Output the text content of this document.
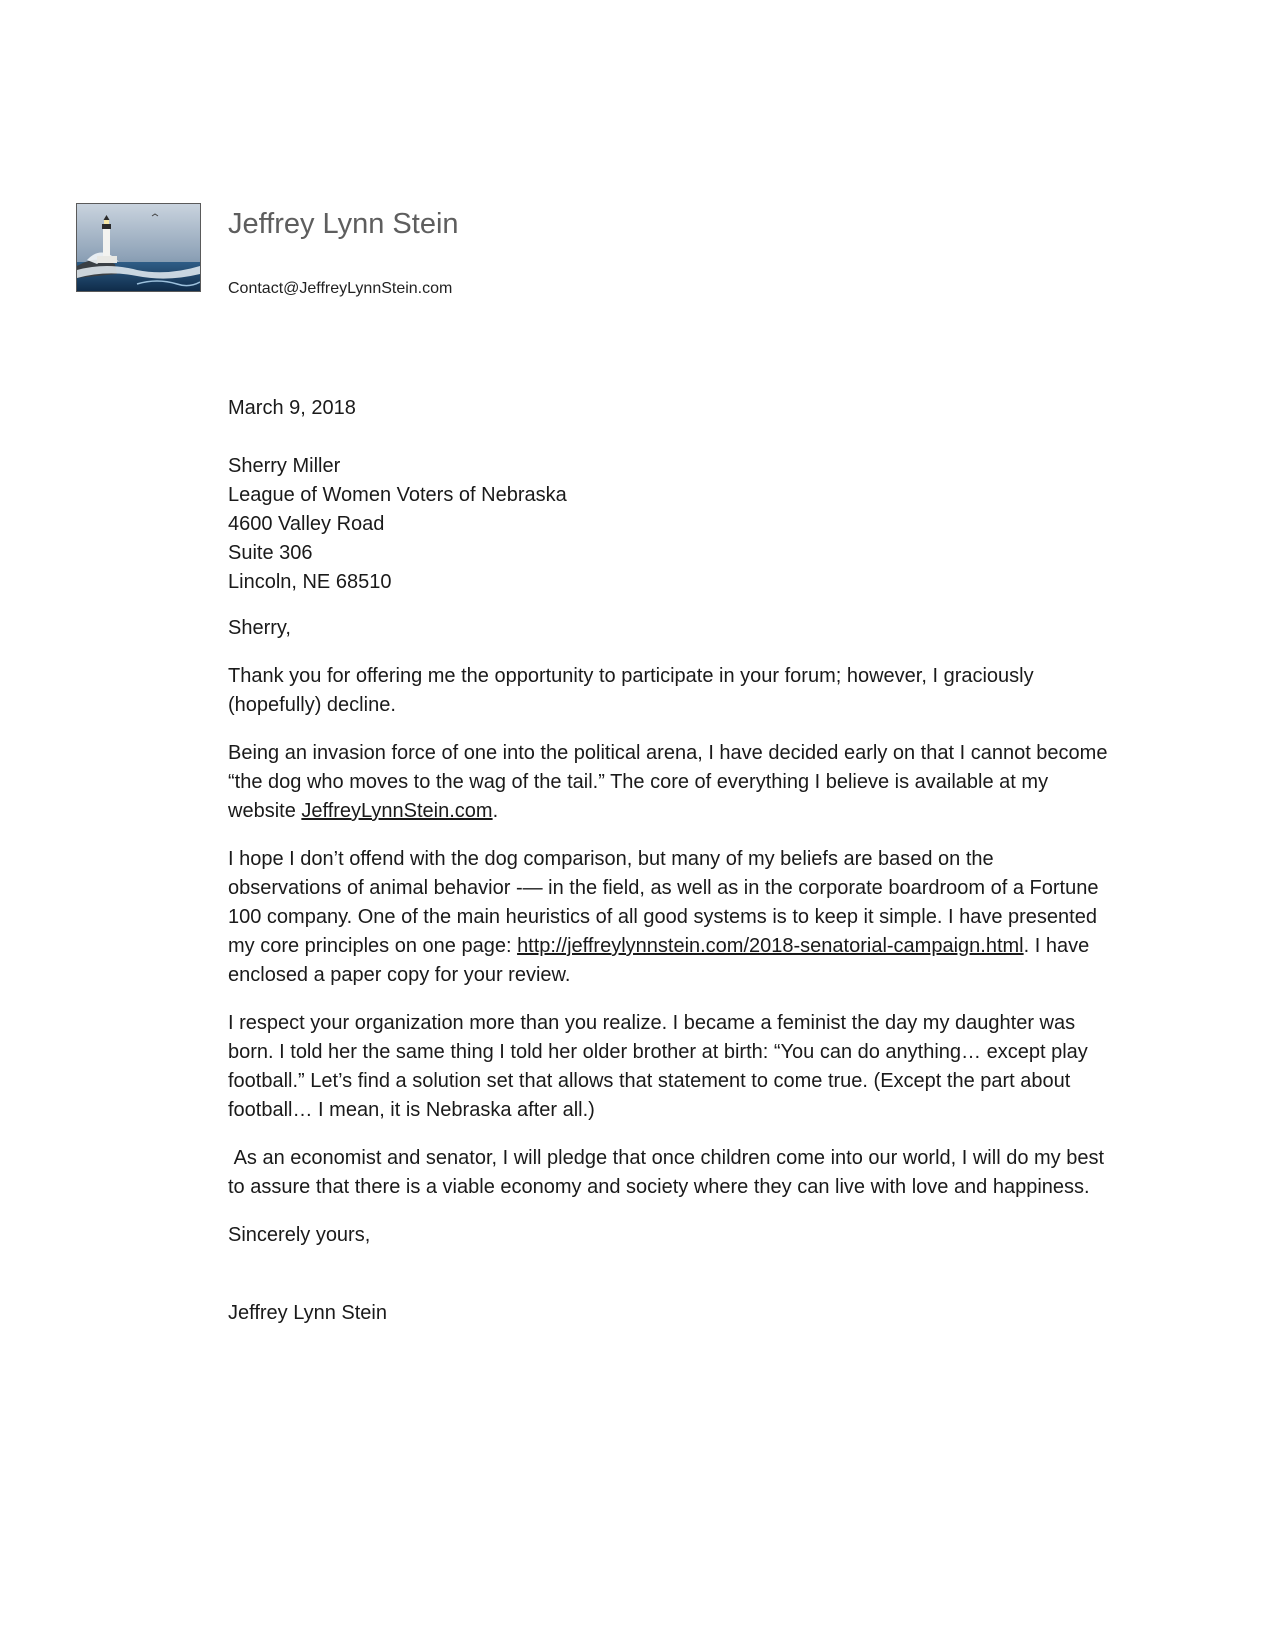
Jeffrey Lynn Stein
Contact@JeffreyLynnStein.com
March 9, 2018
Sherry Miller
League of Women Voters of Nebraska
4600 Valley Road
Suite 306
Lincoln, NE 68510
Sherry,

Thank you for offering me the opportunity to participate in your forum; however, I graciously (hopefully) decline.

Being an invasion force of one into the political arena, I have decided early on that I cannot become “the dog who moves to the wag of the tail.” The core of everything I believe is available at my website JeffreyLynnStein.com.

I hope I don’t offend with the dog comparison, but many of my beliefs are based on the observations of animal behavior -— in the field, as well as in the corporate boardroom of a Fortune 100 company. One of the main heuristics of all good systems is to keep it simple. I have presented my core principles on one page: http://jeffreylynnstein.com/2018-senatorial-campaign.html. I have enclosed a paper copy for your review.

I respect your organization more than you realize. I became a feminist the day my daughter was born. I told her the same thing I told her older brother at birth: “You can do anything… except play football.” Let’s find a solution set that allows that statement to come true. (Except the part about football… I mean, it is Nebraska after all.)

As an economist and senator, I will pledge that once children come into our world, I will do my best to assure that there is a viable economy and society where they can live with love and happiness.

Sincerely yours,
Jeffrey Lynn Stein
